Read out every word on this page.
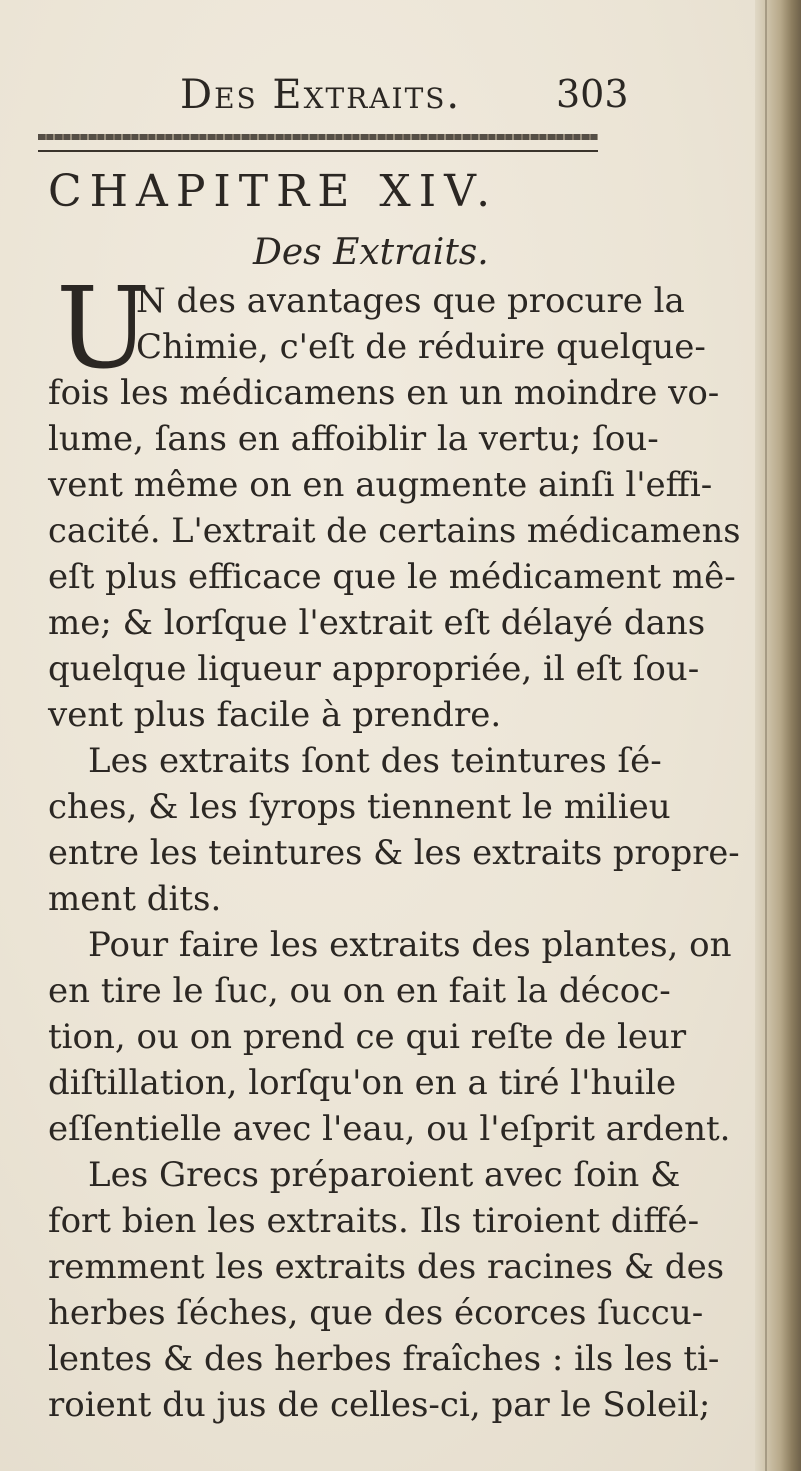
Des Extraits. 303
CHAPITRE XIV.
Des Extraits.
U
N des avantages que procure la
Chimie, c'eſt de réduire quelque-
fois les médicamens en un moindre vo-
lume, ſans en affoiblir la vertu; ſou-
vent même on en augmente ainſi l'effi-
cacité. L'extrait de certains médicamens
eſt plus efficace que le médicament mê-
me; & lorſque l'extrait eſt délayé dans
quelque liqueur appropriée, il eſt ſou-
vent plus facile à prendre.
Les extraits ſont des teintures ſé-
ches, & les ſyrops tiennent le milieu
entre les teintures & les extraits propre-
ment dits.
Pour faire les extraits des plantes, on
en tire le ſuc, ou on en fait la décoc-
tion, ou on prend ce qui reſte de leur
diſtillation, lorſqu'on en a tiré l'huile
eſſentielle avec l'eau, ou l'eſprit ardent.
Les Grecs préparoient avec ſoin &
fort bien les extraits. Ils tiroient diffé-
remment les extraits des racines & des
herbes ſéches, que des écorces ſuccu-
lentes & des herbes fraîches : ils les ti-
roient du jus de celles-ci, par le Soleil;
